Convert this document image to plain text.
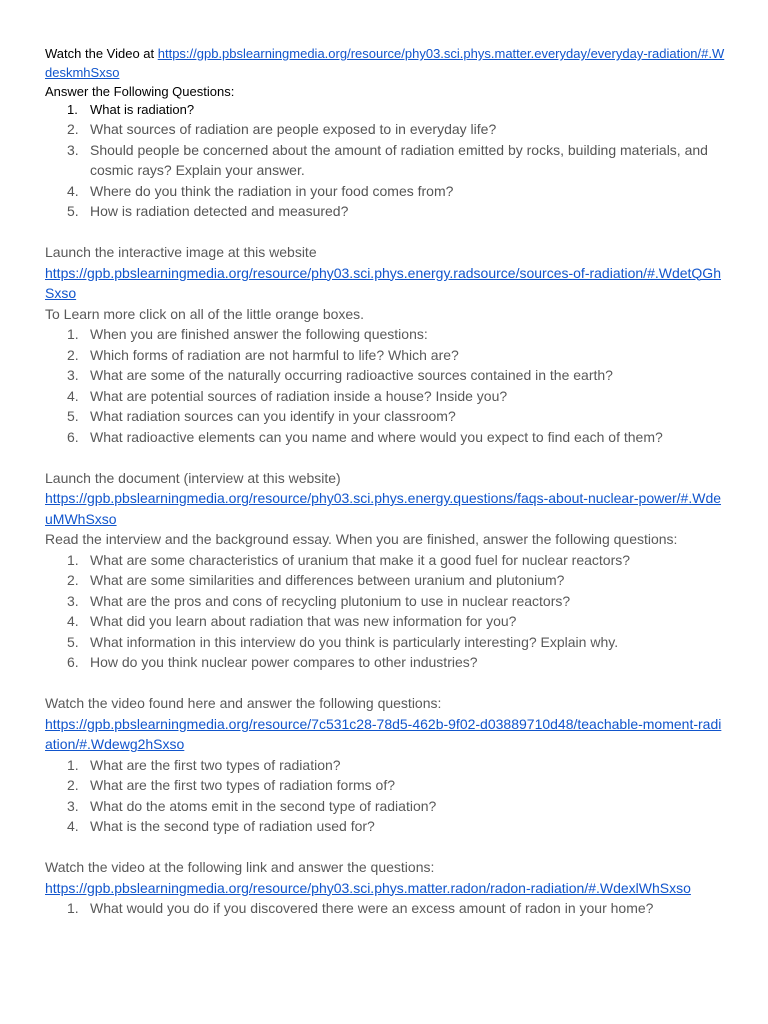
Watch the Video at https://gpb.pbslearningmedia.org/resource/phy03.sci.phys.matter.everyday/everyday-radiation/#.WdeskmhSxso

Answer the Following Questions:

1. What is radiation?
2. What sources of radiation are people exposed to in everyday life?
3. Should people be concerned about the amount of radiation emitted by rocks, building materials, and cosmic rays? Explain your answer.
4. Where do you think the radiation in your food comes from?
5. How is radiation detected and measured?

Launch the interactive image at this website

https://gpb.pbslearningmedia.org/resource/phy03.sci.phys.energy.radsource/sources-of-radiation/#.WdetQGhSxso

To Learn more click on all of the little orange boxes.

1. When you are finished answer the following questions:
2. Which forms of radiation are not harmful to life? Which are?
3. What are some of the naturally occurring radioactive sources contained in the earth?
4. What are potential sources of radiation inside a house? Inside you?
5. What radiation sources can you identify in your classroom?
6. What radioactive elements can you name and where would you expect to find each of them?

Launch the document (interview at this website)

https://gpb.pbslearningmedia.org/resource/phy03.sci.phys.energy.questions/faqs-about-nuclear-power/#.WdeuMWhSxso

Read the interview and the background essay. When you are finished, answer the following questions:

1. What are some characteristics of uranium that make it a good fuel for nuclear reactors?
2. What are some similarities and differences between uranium and plutonium?
3. What are the pros and cons of recycling plutonium to use in nuclear reactors?
4. What did you learn about radiation that was new information for you?
5. What information in this interview do you think is particularly interesting? Explain why.
6. How do you think nuclear power compares to other industries?

Watch the video found here and answer the following questions:

https://gpb.pbslearningmedia.org/resource/7c531c28-78d5-462b-9f02-d03889710d48/teachable-moment-radiation/#.Wdewg2hSxso

1. What are the first two types of radiation?
2. What are the first two types of radiation forms of?
3. What do the atoms emit in the second type of radiation?
4. What is the second type of radiation used for?

Watch the video at the following link and answer the questions:

https://gpb.pbslearningmedia.org/resource/phy03.sci.phys.matter.radon/radon-radiation/#.WdexlWhSxso

1. What would you do if you discovered there were an excess amount of radon in your home?
